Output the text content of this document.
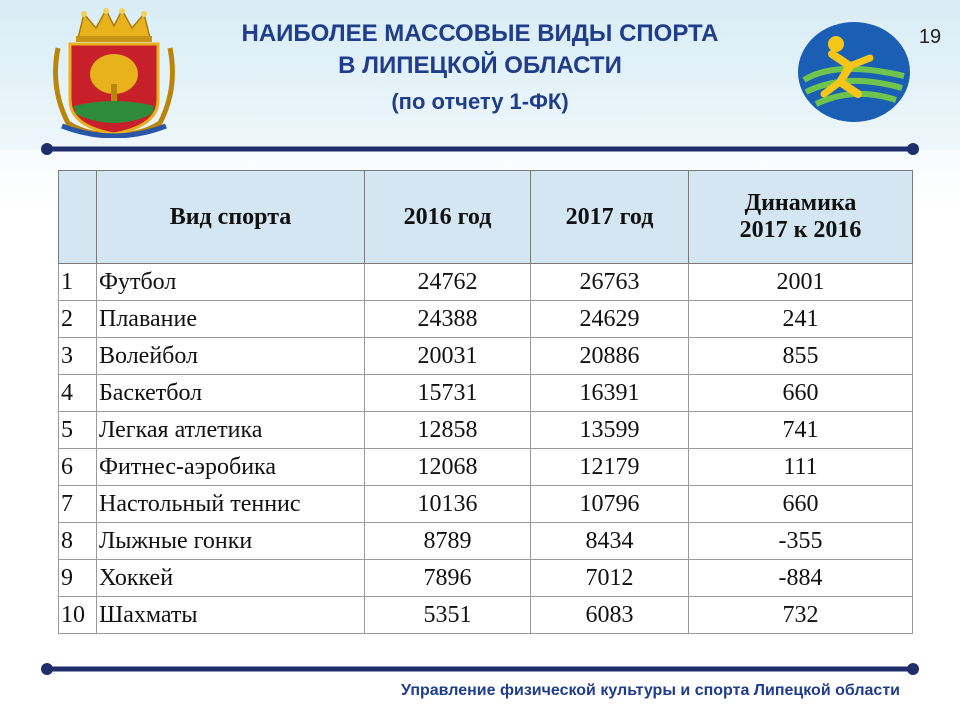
НАИБОЛЕЕ МАССОВЫЕ ВИДЫ СПОРТА
В ЛИПЕЦКОЙ ОБЛАСТИ
(по отчету 1-ФК)
19
	Вид спорта	2016 год	2017 год	Динамика
2017 к 2016
1	Футбол	24762	26763	2001
2	Плавание	24388	24629	241
3	Волейбол	20031	20886	855
4	Баскетбол	15731	16391	660
5	Легкая атлетика	12858	13599	741
6	Фитнес-аэробика	12068	12179	111
7	Настольный теннис	10136	10796	660
8	Лыжные гонки	8789	8434	-355
9	Хоккей	7896	7012	-884
10	Шахматы	5351	6083	732
Управление физической культуры и спорта Липецкой области
